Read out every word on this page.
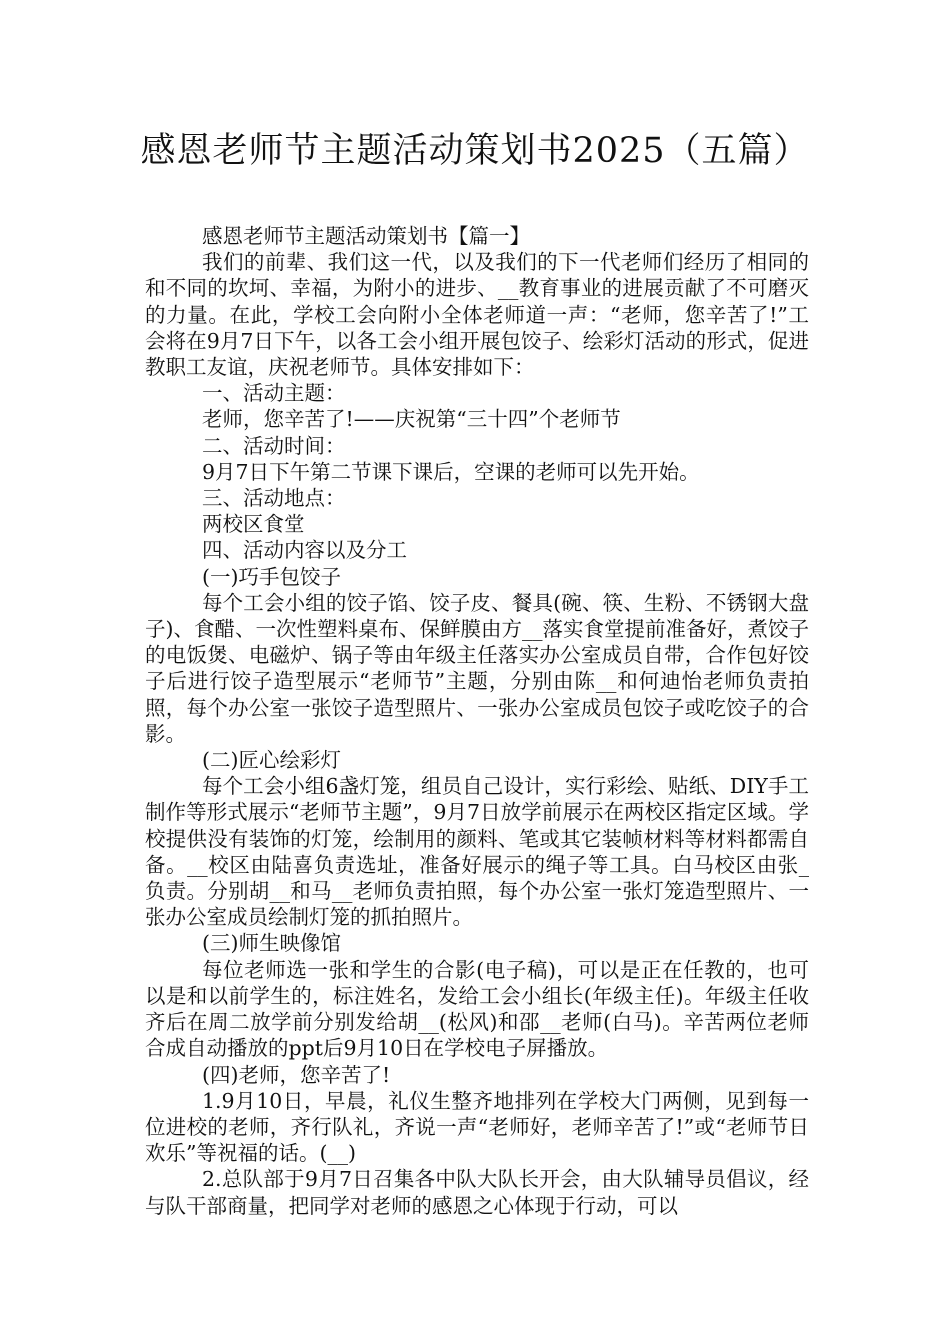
感恩老师节主题活动策划书2025（五篇）

感恩老师节主题活动策划书【篇一】

我们的前辈、我们这一代，以及我们的下一代老师们经历了相同的和不同的坎坷、幸福，为附小的进步、__教育事业的进展贡献了不可磨灭的力量。在此，学校工会向附小全体老师道一声：“老师，您辛苦了!”工会将在9月7日下午，以各工会小组开展包饺子、绘彩灯活动的形式，促进教职工友谊，庆祝老师节。具体安排如下：

一、活动主题：

老师，您辛苦了!——庆祝第“三十四”个老师节

二、活动时间：

9月7日下午第二节课下课后，空课的老师可以先开始。

三、活动地点：

两校区食堂

四、活动内容以及分工

(一)巧手包饺子

每个工会小组的饺子馅、饺子皮、餐具(碗、筷、生粉、不锈钢大盘子)、食醋、一次性塑料桌布、保鲜膜由方__落实食堂提前准备好，煮饺子的电饭煲、电磁炉、锅子等由年级主任落实办公室成员自带，合作包好饺子后进行饺子造型展示“老师节”主题，分别由陈__和何迪怡老师负责拍照，每个办公室一张饺子造型照片、一张办公室成员包饺子或吃饺子的合影。

(二)匠心绘彩灯

每个工会小组6盏灯笼，组员自己设计，实行彩绘、贴纸、DIY手工制作等形式展示“老师节主题”，9月7日放学前展示在两校区指定区域。学校提供没有装饰的灯笼，绘制用的颜料、笔或其它装帧材料等材料都需自备。__校区由陆喜负责选址，准备好展示的绳子等工具。白马校区由张_负责。分别胡__和马__老师负责拍照，每个办公室一张灯笼造型照片、一张办公室成员绘制灯笼的抓拍照片。

(三)师生映像馆

每位老师选一张和学生的合影(电子稿)，可以是正在任教的，也可以是和以前学生的，标注姓名，发给工会小组长(年级主任)。年级主任收齐后在周二放学前分别发给胡__(松风)和邵__老师(白马)。辛苦两位老师合成自动播放的ppt后9月10日在学校电子屏播放。

(四)老师，您辛苦了!

1.9月10日，早晨，礼仪生整齐地排列在学校大门两侧，见到每一位进校的老师，齐行队礼，齐说一声“老师好，老师辛苦了!”或“老师节日欢乐”等祝福的话。(__)

2.总队部于9月7日召集各中队大队长开会，由大队辅导员倡议，经与队干部商量，把同学对老师的感恩之心体现于行动，可以
